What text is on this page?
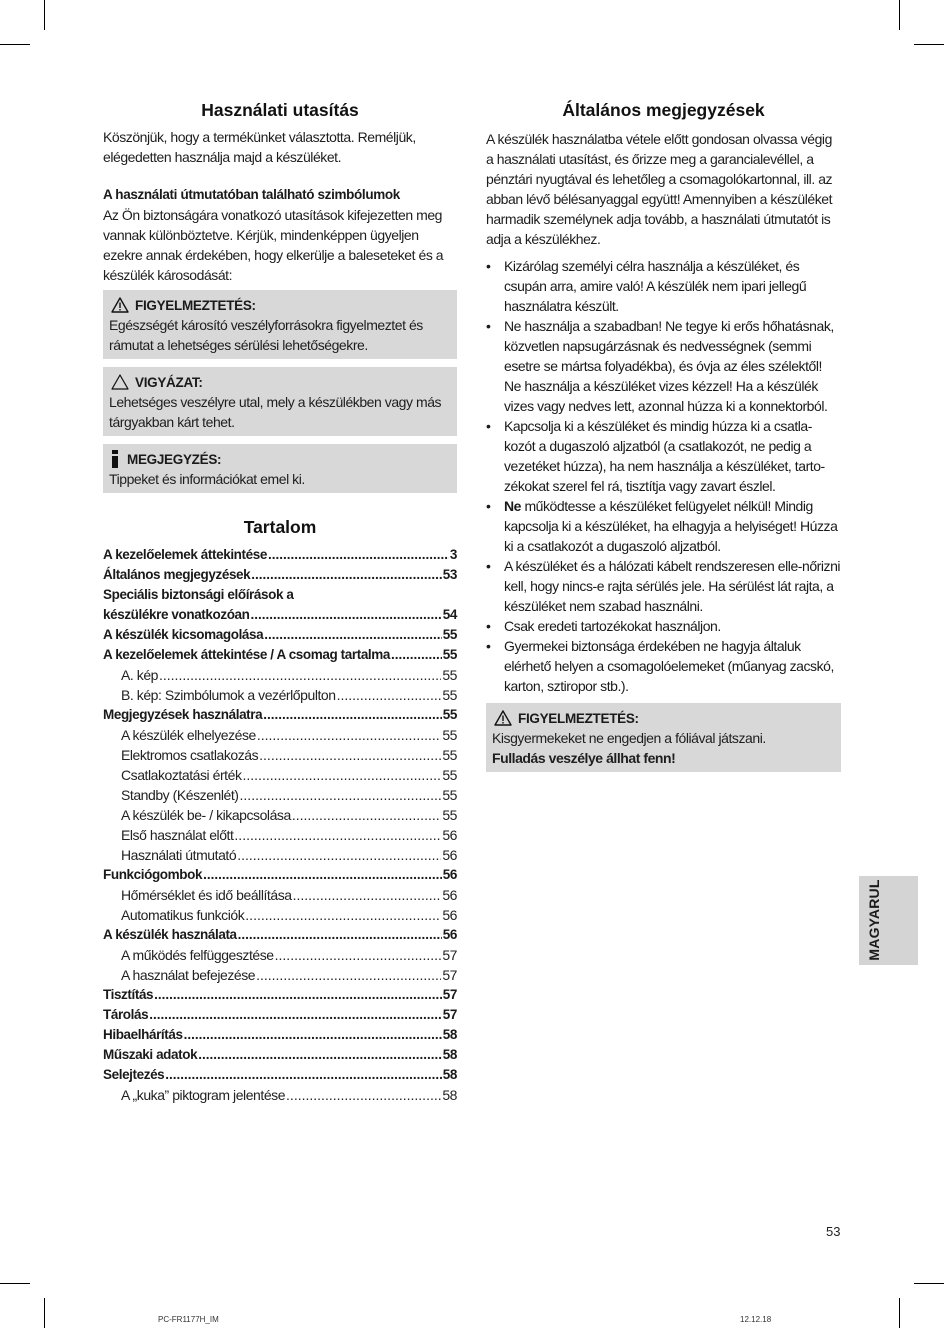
Használati utasítás

Köszönjük, hogy a termékünket választotta. Reméljük, elégedetten használja majd a készüléket.

A használati útmutatóban található szimbólumok

Az Ön biztonságára vonatkozó utasítások kifejezetten meg vannak különböztetve. Kérjük, mindenképpen ügyeljen ezekre annak érdekében, hogy elkerülje a baleseteket és a készülék károsodását:

FIGYELMEZTETÉS:

Egészségét károsító veszélyforrásokra figyelmeztet és rámutat a lehetséges sérülési lehetőségekre.

VIGYÁZAT:

Lehetséges veszélyre utal, mely a készülékben vagy más tárgyakban kárt tehet.

MEGJEGYZÉS:

Tippeket és információkat emel ki.

Tartalom
A kezelőelemek áttekintése .....	3
Általános megjegyzések .....	53
Speciális biztonsági előírások a
készülékre vonatkozóan .....	54
A készülék kicsomagolása .....	55
A kezelőelemek áttekintése / A csomag tartalma .....	55
A. kép .....	55
B. kép: Szimbólumok a vezérlőpulton .....	55
Megjegyzések használatra .....	55
A készülék elhelyezése .....	55
Elektromos csatlakozás .....	55
Csatlakoztatási érték .....	55
Standby (Készenlét) .....	55
A készülék be- / kikapcsolása .....	55
Első használat előtt .....	56
Használati útmutató .....	56
Funkciógombok .....	56
Hőmérséklet és idő beállítása .....	56
Automatikus funkciók .....	56
A készülék használata .....	56
A működés felfüggesztése .....	57
A használat befejezése .....	57
Tisztítás .....	57
Tárolás .....	57
Hibaelhárítás .....	58
Műszaki adatok .....	58
Selejtezés .....	58
A „kuka” piktogram jelentése .....	58
Általános megjegyzések

A készülék használatba vétele előtt gondosan olvassa végig a használati utasítást, és őrizze meg a garancialevéllel, a pénztári nyugtával és lehetőleg a csomagolókartonnal, ill. az abban lévő bélésanyaggal együtt! Amennyiben a készüléket harmadik személynek adja tovább, a használati útmutatót is adja a készülékhez.

• Kizárólag személyi célra használja a készüléket, és csupán arra, amire való! A készülék nem ipari jellegű használatra készült.
• Ne használja a szabadban! Ne tegye ki erős hőhatásnak, közvetlen napsugárzásnak és nedvességnek (semmi esetre se mártsa folyadékba), és óvja az éles szélektől! Ne használja a készüléket vizes kézzel! Ha a készülék vizes vagy nedves lett, azonnal húzza ki a konnektorból.
• Kapcsolja ki a készüléket és mindig húzza ki a csatla-kozót a dugaszoló aljzatból (a csatlakozót, ne pedig a vezetéket húzza), ha nem használja a készüléket, tarto-zékokat szerel fel rá, tisztítja vagy zavart észlel.
• Ne működtesse a készüléket felügyelet nélkül! Mindig kapcsolja ki a készüléket, ha elhagyja a helyiséget! Húzza ki a csatlakozót a dugaszoló aljzatból.
• A készüléket és a hálózati kábelt rendszeresen elle-nőrizni kell, hogy nincs-e rajta sérülés jele. Ha sérülést lát rajta, a készüléket nem szabad használni.
• Csak eredeti tartozékokat használjon.
• Gyermekei biztonsága érdekében ne hagyja általuk elérhető helyen a csomagolóelemeket (műanyag zacskó, karton, sztiropor stb.).
FIGYELMEZTETÉS:

Kisgyermekeket ne engedjen a fóliával játszani.

Fulladás veszélye állhat fenn!

MAGYARUL
53
PC-FR1177H_IM	12.12.18
